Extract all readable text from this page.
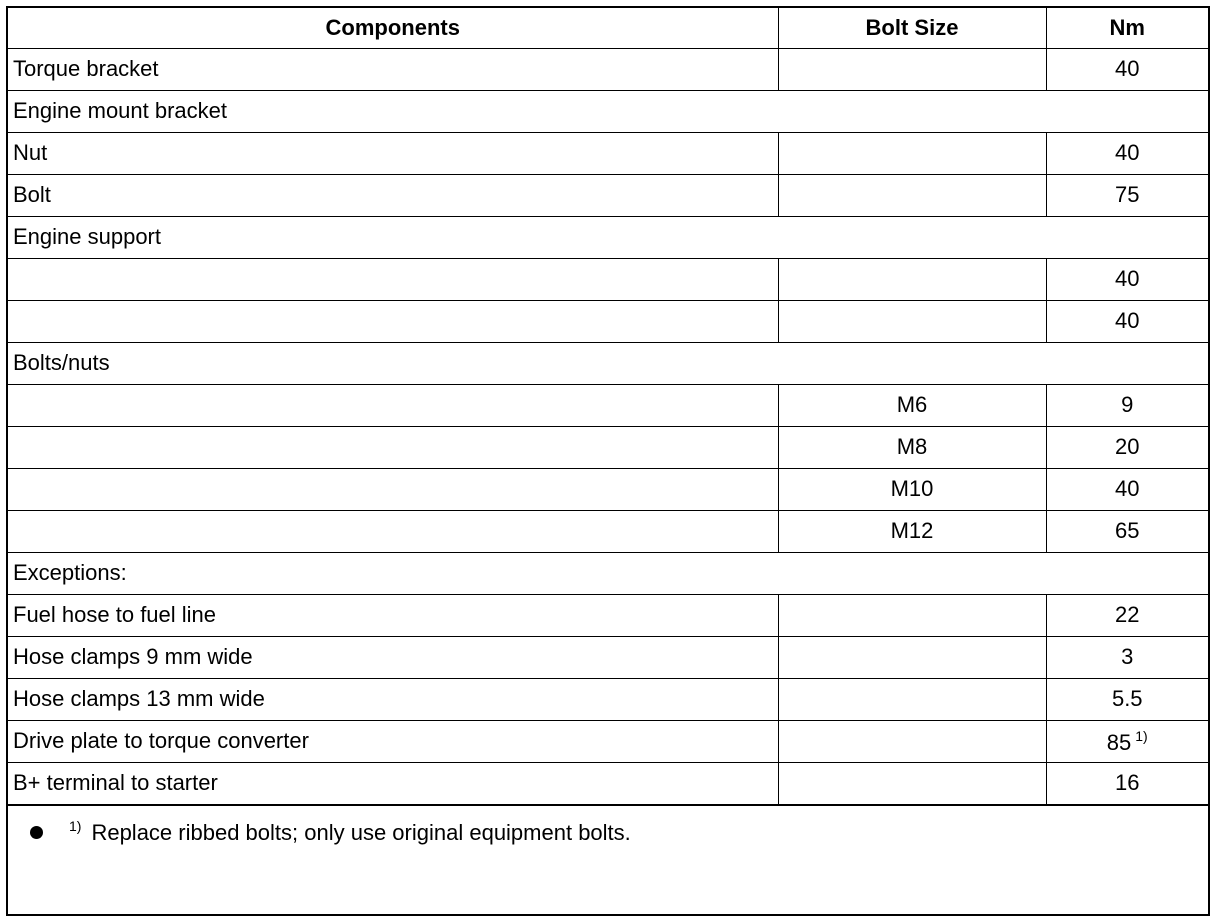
Components	Bolt Size	Nm
Torque bracket		40
Engine mount bracket		
Nut		40
Bolt		75
Engine support		
		40
		40
Bolts/nuts		
	M6	9
	M8	20
	M10	40
	M12	65
Exceptions:		
Fuel hose to fuel line		22
Hose clamps 9 mm wide		3
Hose clamps 13 mm wide		5.5
Drive plate to torque converter		85 $^{1)}$
B+ terminal to starter		16
1) Replace ribbed bolts; only use original equipment bolts.
